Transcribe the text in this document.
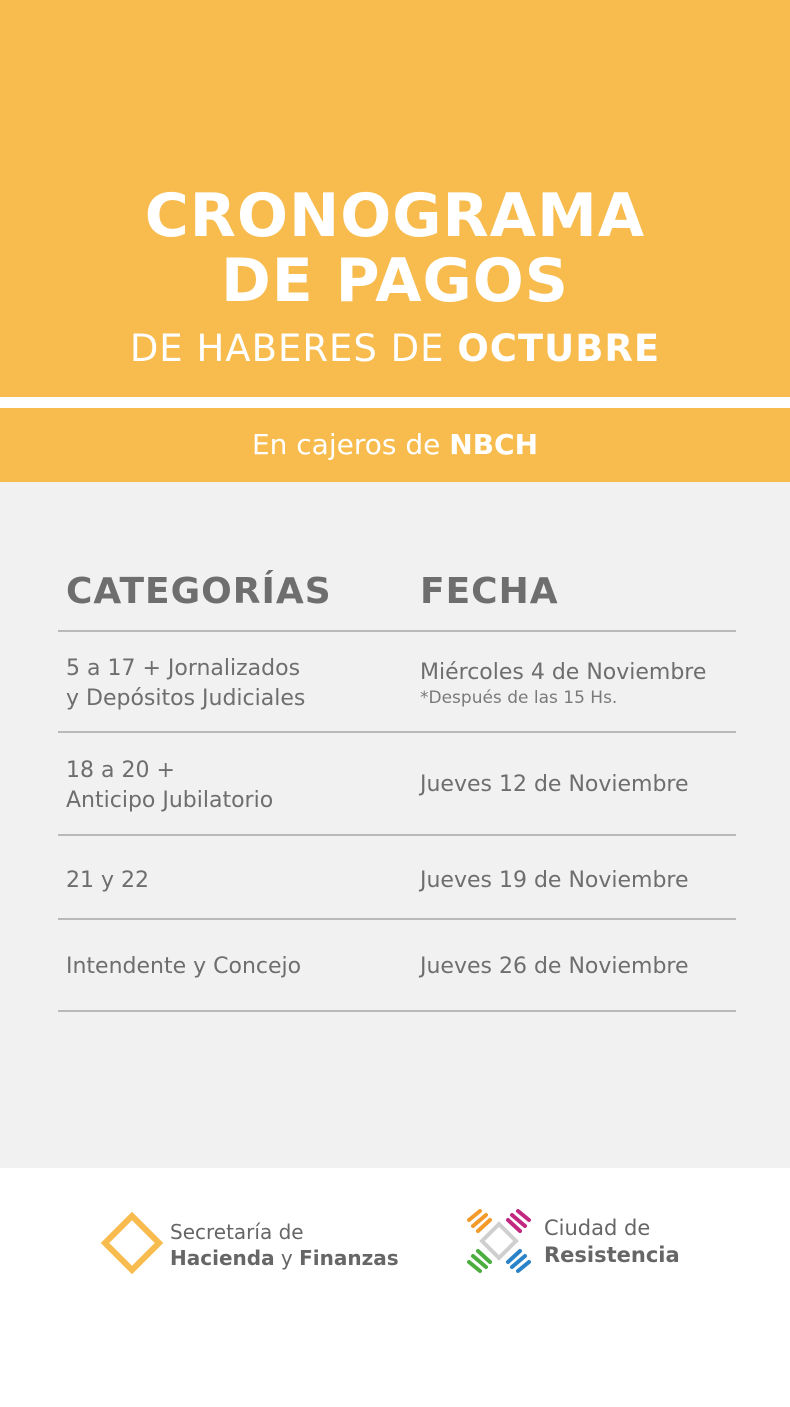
CRONOGRAMA
DE PAGOS
DE HABERES DE OCTUBRE
En cajeros de NBCH
CATEGORÍAS FECHA
5 a 17 + Jornalizados
y Depósitos Judiciales
Miércoles 4 de Noviembre
*Después de las 15 Hs.
18 a 20 +
Anticipo Jubilatorio
Jueves 12 de Noviembre
21 y 22	Jueves 19 de Noviembre
Intendente y Concejo	Jueves 26 de Noviembre
Secretaría de
Hacienda y Finanzas
Ciudad de
Resistencia
